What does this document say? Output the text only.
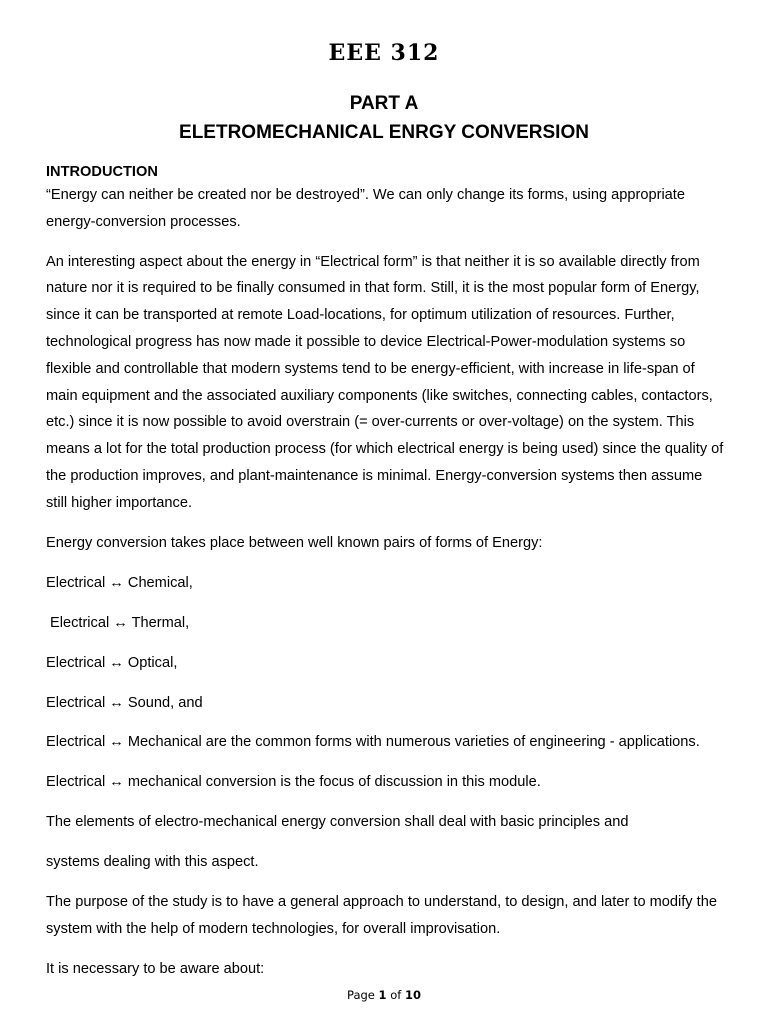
EEE 312
PART A
ELETROMECHANICAL ENRGY CONVERSION
INTRODUCTION

“Energy can neither be created nor be destroyed”. We can only change its forms, using appropriate energy-conversion processes.

An interesting aspect about the energy in “Electrical form” is that neither it is so available directly from nature nor it is required to be finally consumed in that form. Still, it is the most popular form of Energy, since it can be transported at remote Load-locations, for optimum utilization of resources. Further, technological progress has now made it possible to device Electrical-Power-modulation systems so flexible and controllable that modern systems tend to be energy-efficient, with increase in life-span of main equipment and the associated auxiliary components (like switches, connecting cables, contactors, etc.) since it is now possible to avoid overstrain (= over-currents or over-voltage) on the system. This means a lot for the total production process (for which electrical energy is being used) since the quality of the production improves, and plant-maintenance is minimal. Energy-conversion systems then assume still higher importance.

Energy conversion takes place between well known pairs of forms of Energy:

Electrical ↔ Chemical,

Electrical ↔ Thermal,

Electrical ↔ Optical,

Electrical ↔ Sound, and

Electrical ↔ Mechanical are the common forms with numerous varieties of engineering - applications.

Electrical ↔ mechanical conversion is the focus of discussion in this module.

The elements of electro-mechanical energy conversion shall deal with basic principles and

systems dealing with this aspect.

The purpose of the study is to have a general approach to understand, to design, and later to modify the system with the help of modern technologies, for overall improvisation.

It is necessary to be aware about:

Page 1 of 10
